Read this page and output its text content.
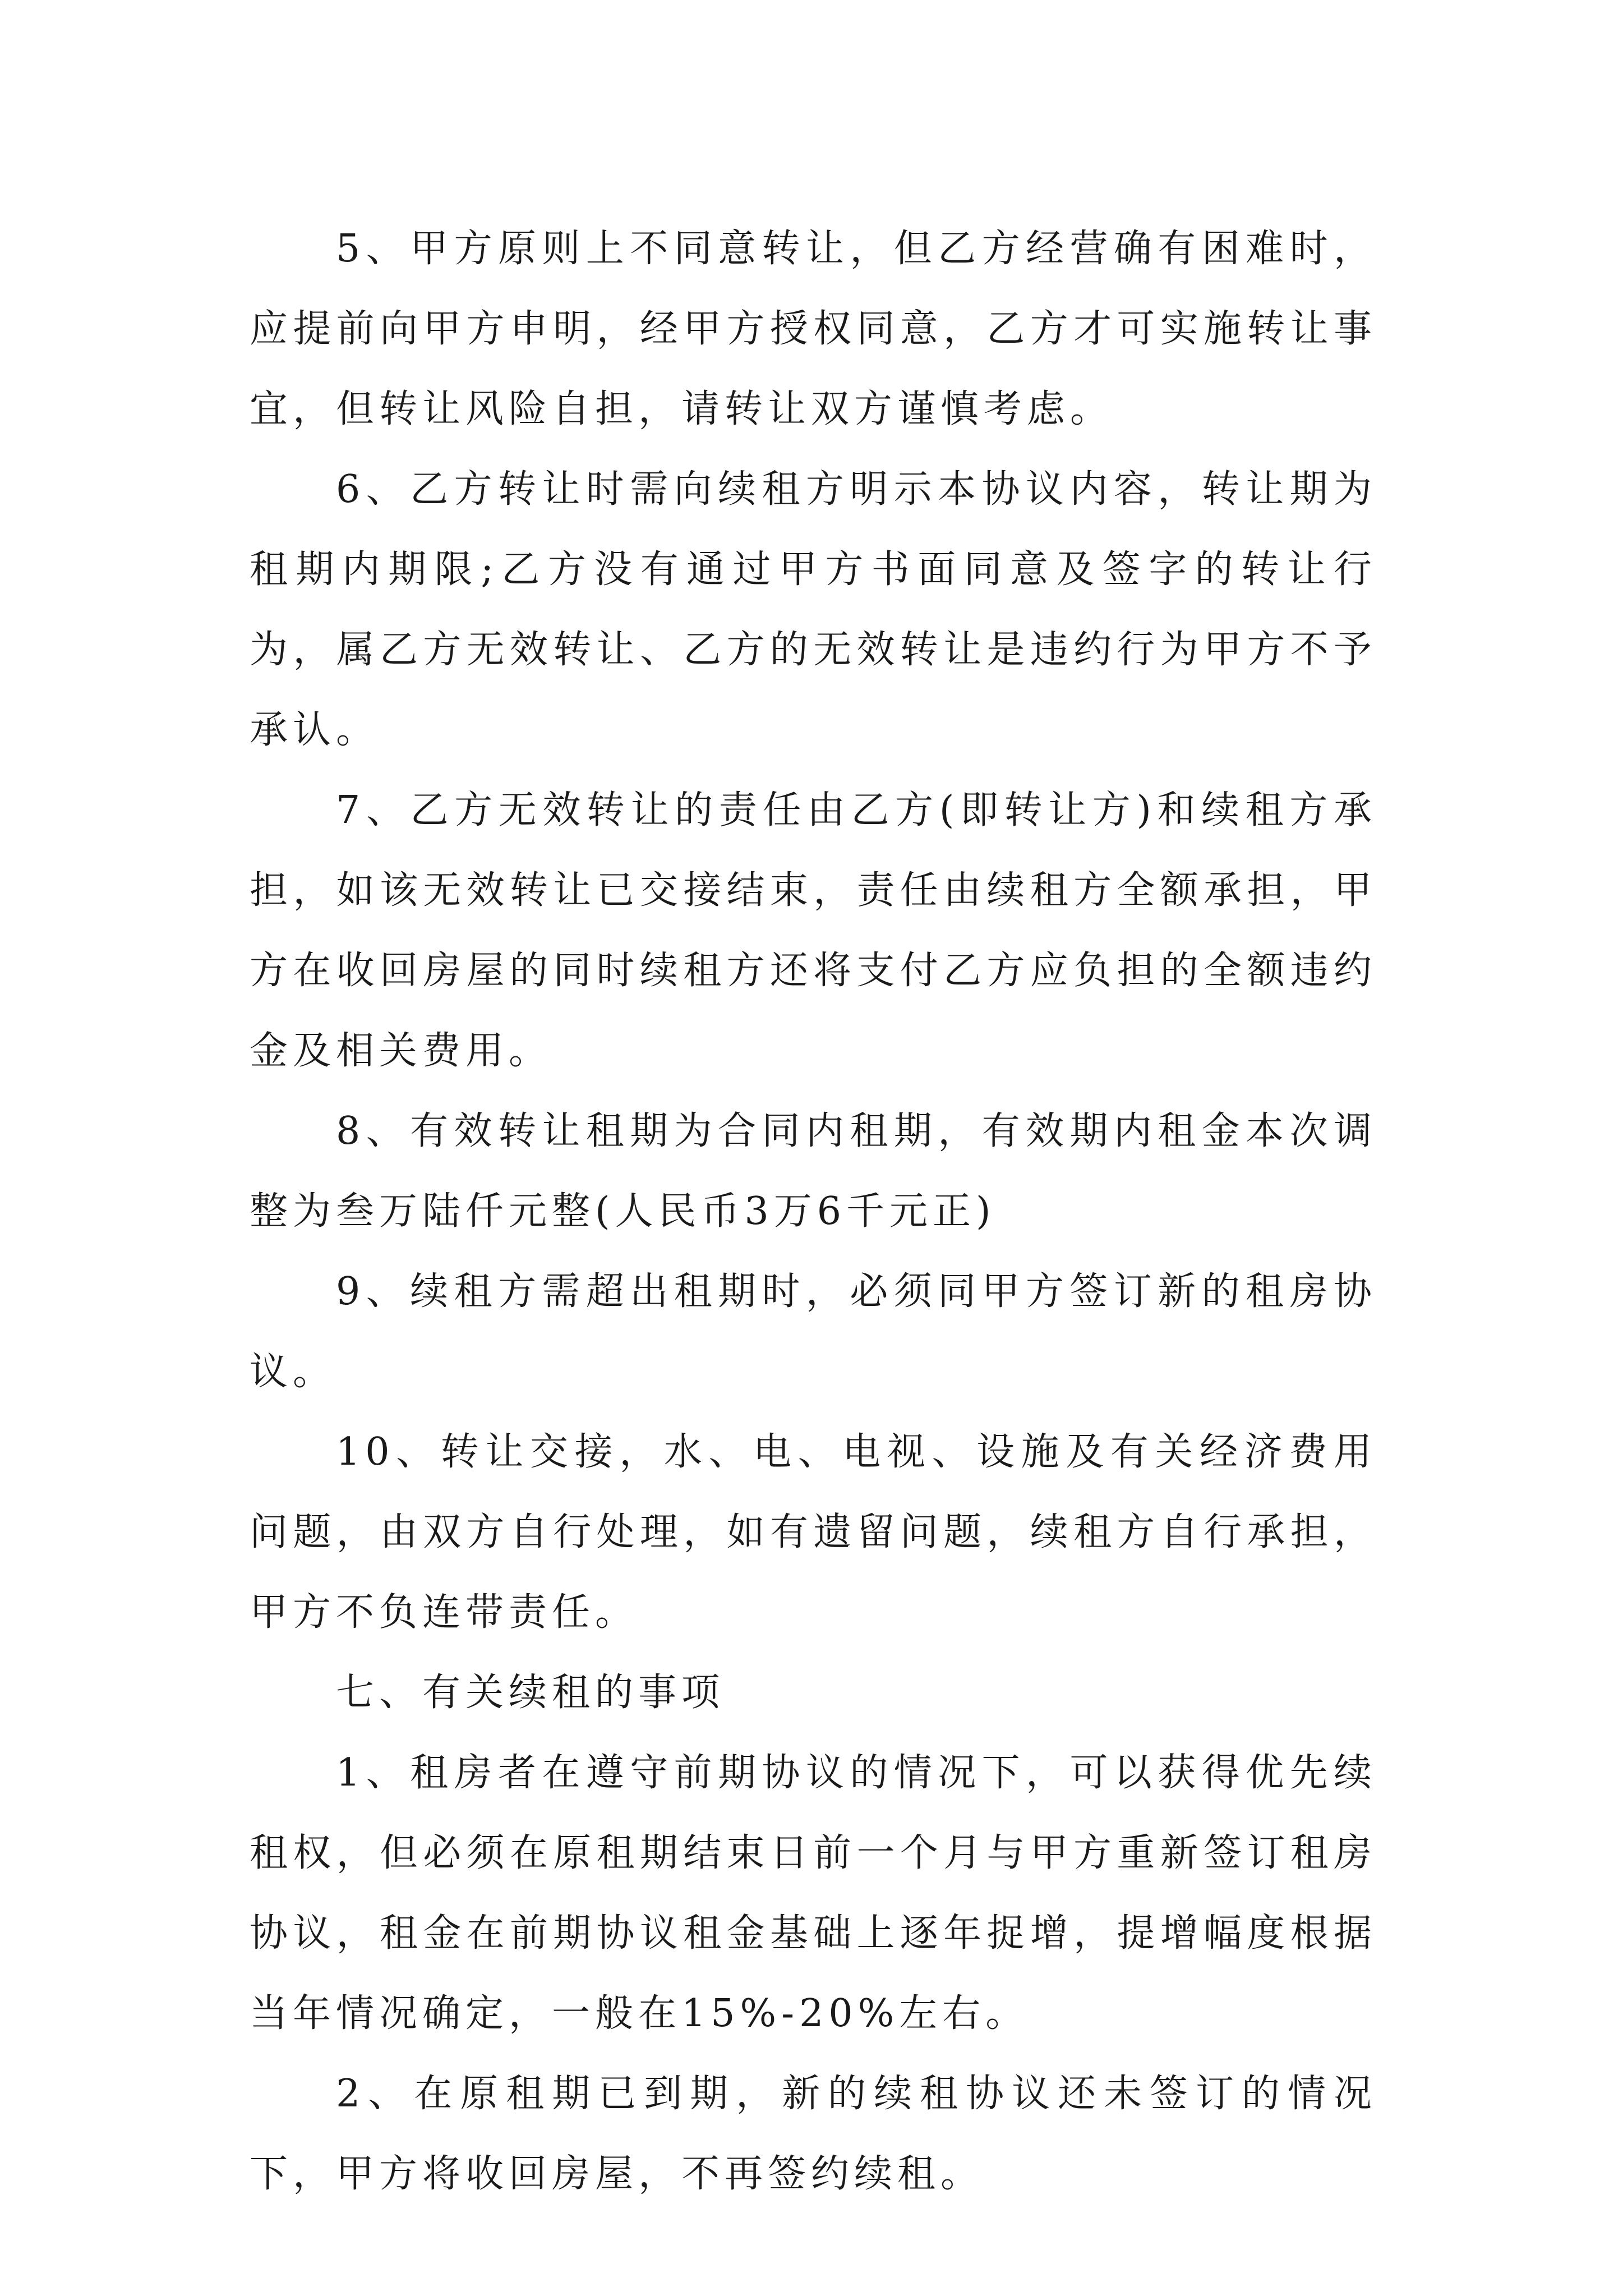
5、甲方原则上不同意转让，但乙方经营确有困难时，应提前向甲方申明，经甲方授权同意，乙方才可实施转让事宜，但转让风险自担，请转让双方谨慎考虑。

6、乙方转让时需向续租方明示本协议内容，转让期为租期内期限;乙方没有通过甲方书面同意及签字的转让行为，属乙方无效转让、乙方的无效转让是违约行为甲方不予承认。

7、乙方无效转让的责任由乙方(即转让方)和续租方承担，如该无效转让已交接结束，责任由续租方全额承担，甲方在收回房屋的同时续租方还将支付乙方应负担的全额违约金及相关费用。

8、有效转让租期为合同内租期，有效期内租金本次调整为叁万陆仟元整(人民币3万6千元正)

9、续租方需超出租期时，必须同甲方签订新的租房协议。

10、转让交接，水、电、电视、设施及有关经济费用问题，由双方自行处理，如有遗留问题，续租方自行承担，甲方不负连带责任。

七、有关续租的事项

1、租房者在遵守前期协议的情况下，可以获得优先续租权，但必须在原租期结束日前一个月与甲方重新签订租房协议，租金在前期协议租金基础上逐年捉增，提增幅度根据当年情况确定，一般在15%-20%左右。

2、在原租期已到期，新的续租协议还未签订的情况下，甲方将收回房屋，不再签约续租。
